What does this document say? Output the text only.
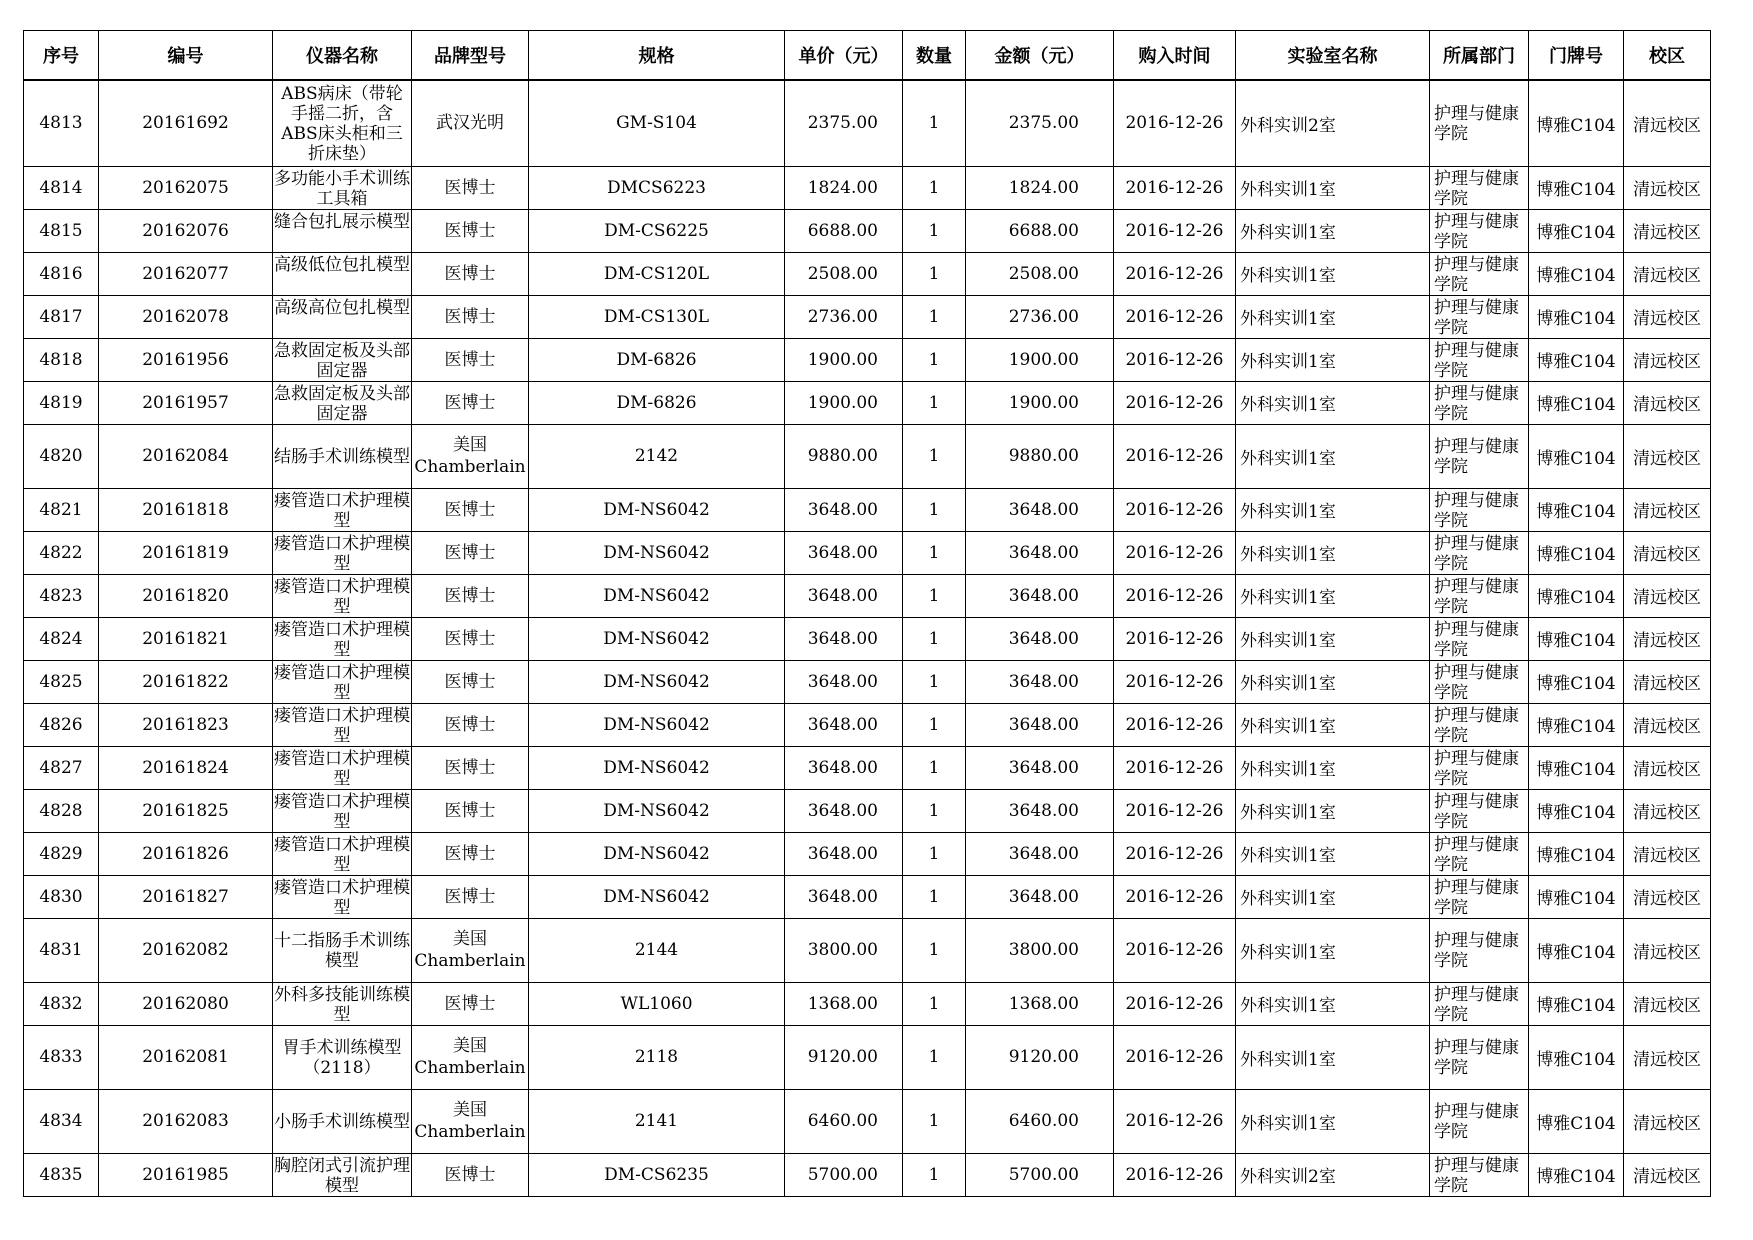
序号	编号	仪器名称	品牌型号	规格	单价（元）	数量	金额（元）	购入时间	实验室名称	所属部门	门牌号	校区
4813	20161692	ABS病床（带轮手摇二折，含ABS床头柜和三折床垫）	武汉光明	GM-S104	2375.00	1	2375.00	2016-12-26	外科实训2室	护理与健康学院	博雅C104	清远校区
4814	20162075	多功能小手术训练工具箱	医博士	DMCS6223	1824.00	1	1824.00	2016-12-26	外科实训1室	护理与健康学院	博雅C104	清远校区
4815	20162076	缝合包扎展示模型	医博士	DM-CS6225	6688.00	1	6688.00	2016-12-26	外科实训1室	护理与健康学院	博雅C104	清远校区
4816	20162077	高级低位包扎模型	医博士	DM-CS120L	2508.00	1	2508.00	2016-12-26	外科实训1室	护理与健康学院	博雅C104	清远校区
4817	20162078	高级高位包扎模型	医博士	DM-CS130L	2736.00	1	2736.00	2016-12-26	外科实训1室	护理与健康学院	博雅C104	清远校区
4818	20161956	急救固定板及头部固定器	医博士	DM-6826	1900.00	1	1900.00	2016-12-26	外科实训1室	护理与健康学院	博雅C104	清远校区
4819	20161957	急救固定板及头部固定器	医博士	DM-6826	1900.00	1	1900.00	2016-12-26	外科实训1室	护理与健康学院	博雅C104	清远校区
4820	20162084	结肠手术训练模型	美国Chamberlain	2142	9880.00	1	9880.00	2016-12-26	外科实训1室	护理与健康学院	博雅C104	清远校区
4821	20161818	瘘管造口术护理模型	医博士	DM-NS6042	3648.00	1	3648.00	2016-12-26	外科实训1室	护理与健康学院	博雅C104	清远校区
4822	20161819	瘘管造口术护理模型	医博士	DM-NS6042	3648.00	1	3648.00	2016-12-26	外科实训1室	护理与健康学院	博雅C104	清远校区
4823	20161820	瘘管造口术护理模型	医博士	DM-NS6042	3648.00	1	3648.00	2016-12-26	外科实训1室	护理与健康学院	博雅C104	清远校区
4824	20161821	瘘管造口术护理模型	医博士	DM-NS6042	3648.00	1	3648.00	2016-12-26	外科实训1室	护理与健康学院	博雅C104	清远校区
4825	20161822	瘘管造口术护理模型	医博士	DM-NS6042	3648.00	1	3648.00	2016-12-26	外科实训1室	护理与健康学院	博雅C104	清远校区
4826	20161823	瘘管造口术护理模型	医博士	DM-NS6042	3648.00	1	3648.00	2016-12-26	外科实训1室	护理与健康学院	博雅C104	清远校区
4827	20161824	瘘管造口术护理模型	医博士	DM-NS6042	3648.00	1	3648.00	2016-12-26	外科实训1室	护理与健康学院	博雅C104	清远校区
4828	20161825	瘘管造口术护理模型	医博士	DM-NS6042	3648.00	1	3648.00	2016-12-26	外科实训1室	护理与健康学院	博雅C104	清远校区
4829	20161826	瘘管造口术护理模型	医博士	DM-NS6042	3648.00	1	3648.00	2016-12-26	外科实训1室	护理与健康学院	博雅C104	清远校区
4830	20161827	瘘管造口术护理模型	医博士	DM-NS6042	3648.00	1	3648.00	2016-12-26	外科实训1室	护理与健康学院	博雅C104	清远校区
4831	20162082	十二指肠手术训练模型	美国Chamberlain	2144	3800.00	1	3800.00	2016-12-26	外科实训1室	护理与健康学院	博雅C104	清远校区
4832	20162080	外科多技能训练模型	医博士	WL1060	1368.00	1	1368.00	2016-12-26	外科实训1室	护理与健康学院	博雅C104	清远校区
4833	20162081	胃手术训练模型（2118）	美国Chamberlain	2118	9120.00	1	9120.00	2016-12-26	外科实训1室	护理与健康学院	博雅C104	清远校区
4834	20162083	小肠手术训练模型	美国Chamberlain	2141	6460.00	1	6460.00	2016-12-26	外科实训1室	护理与健康学院	博雅C104	清远校区
4835	20161985	胸腔闭式引流护理模型	医博士	DM-CS6235	5700.00	1	5700.00	2016-12-26	外科实训2室	护理与健康学院	博雅C104	清远校区
